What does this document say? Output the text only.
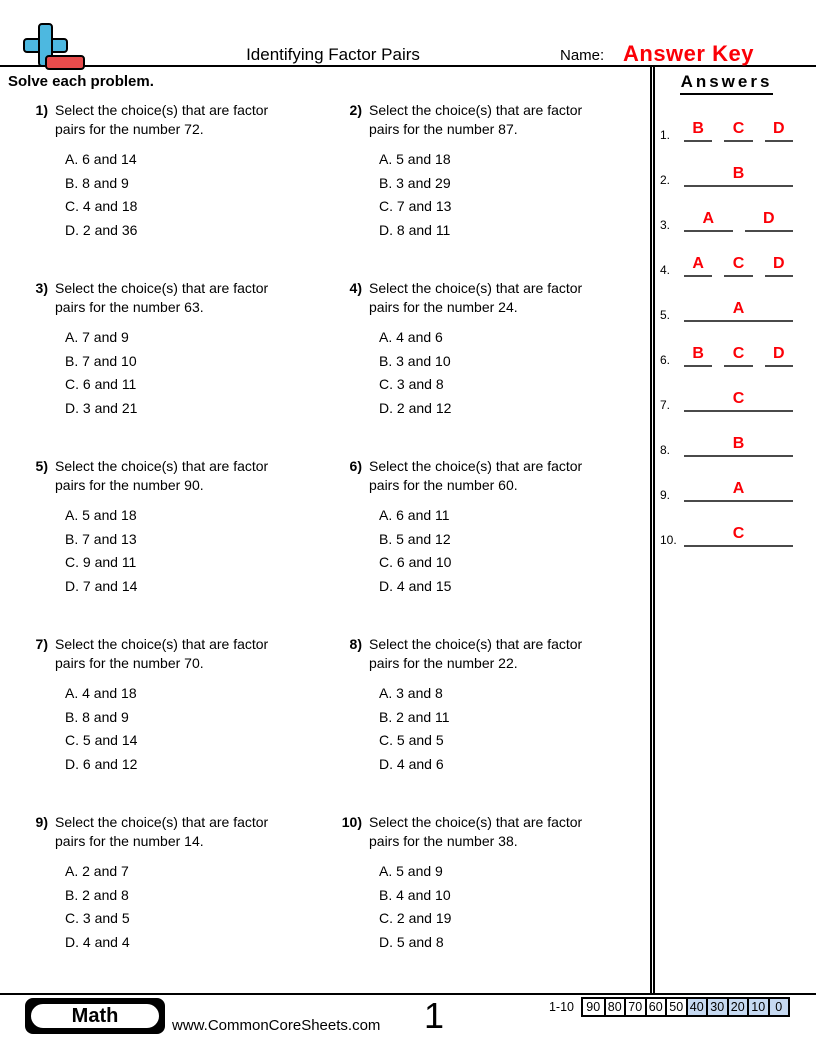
Identifying Factor Pairs	Name: Answer Key
Solve each problem.
1) Select the choice(s) that are factor
pairs for the number 72.
A. 6 and 14
B. 8 and 9
C. 4 and 18
D. 2 and 36
2) Select the choice(s) that are factor
pairs for the number 87.
A. 5 and 18
B. 3 and 29
C. 7 and 13
D. 8 and 11
3) Select the choice(s) that are factor
pairs for the number 63.
A. 7 and 9
B. 7 and 10
C. 6 and 11
D. 3 and 21
4) Select the choice(s) that are factor
pairs for the number 24.
A. 4 and 6
B. 3 and 10
C. 3 and 8
D. 2 and 12
5) Select the choice(s) that are factor
pairs for the number 90.
A. 5 and 18
B. 7 and 13
C. 9 and 11
D. 7 and 14
6) Select the choice(s) that are factor
pairs for the number 60.
A. 6 and 11
B. 5 and 12
C. 6 and 10
D. 4 and 15
7) Select the choice(s) that are factor
pairs for the number 70.
A. 4 and 18
B. 8 and 9
C. 5 and 14
D. 6 and 12
8) Select the choice(s) that are factor
pairs for the number 22.
A. 3 and 8
B. 2 and 11
C. 5 and 5
D. 4 and 6
9) Select the choice(s) that are factor
pairs for the number 14.
A. 2 and 7
B. 2 and 8
C. 3 and 5
D. 4 and 4
10) Select the choice(s) that are factor
pairs for the number 38.
A. 5 and 9
B. 4 and 10
C. 2 and 19
D. 5 and 8
Answers
1.	B	C	D
2.	B
3.	A	D
4.	A	C	D
5.	A
6.	B	C	D
7.	C
8.	B
9.	A
10.	C
Math	www.CommonCoreSheets.com 1	1-10 90 80 70 60 50 40 30 20 10 0
